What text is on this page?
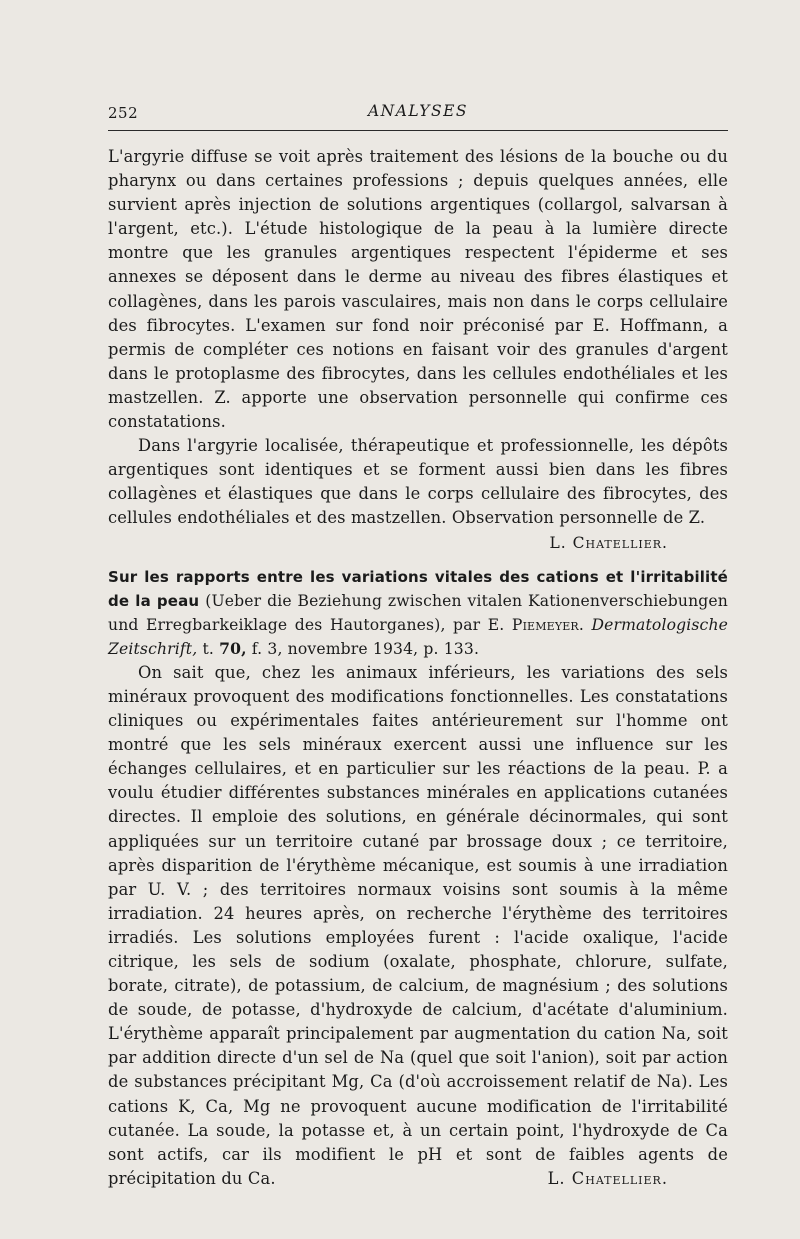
252	ANALYSES

L'argyrie diffuse se voit après traitement des lésions de la bouche ou du pharynx ou dans certaines professions ; depuis quelques années, elle survient après injection de solutions argentiques (collargol, salvarsan à l'argent, etc.). L'étude histologique de la peau à la lumière directe montre que les granules argentiques respectent l'épiderme et ses annexes se déposent dans le derme au niveau des fibres élastiques et collagènes, dans les parois vasculaires, mais non dans le corps cellulaire des fibrocytes. L'examen sur fond noir préconisé par E. Hoffmann, a permis de compléter ces notions en faisant voir des granules d'argent dans le protoplasme des fibrocytes, dans les cellules endothéliales et les mastzellen. Z. apporte une observation personnelle qui confirme ces constatations.

Dans l'argyrie localisée, thérapeutique et professionnelle, les dépôts argentiques sont identiques et se forment aussi bien dans les fibres collagènes et élastiques que dans le corps cellulaire des fibrocytes, des cellules endothéliales et des mastzellen. Observation personnelle de Z.

L. Chatellier.

Sur les rapports entre les variations vitales des cations et l'irritabilité de la peau (Ueber die Beziehung zwischen vitalen Kationenverschiebungen und Erregbarkeiklage des Hautorganes), par E. Piemeyer. Dermatologische Zeitschrift, t. 70, f. 3, novembre 1934, p. 133.

On sait que, chez les animaux inférieurs, les variations des sels minéraux provoquent des modifications fonctionnelles. Les constatations cliniques ou expérimentales faites antérieurement sur l'homme ont montré que les sels minéraux exercent aussi une influence sur les échanges cellulaires, et en particulier sur les réactions de la peau. P. a voulu étudier différentes substances minérales en applications cutanées directes. Il emploie des solutions, en générale décinormales, qui sont appliquées sur un territoire cutané par brossage doux ; ce territoire, après disparition de l'érythème mécanique, est soumis à une irradiation par U. V. ; des territoires normaux voisins sont soumis à la même irradiation. 24 heures après, on recherche l'érythème des territoires irradiés. Les solutions employées furent : l'acide oxalique, l'acide citrique, les sels de sodium (oxalate, phosphate, chlorure, sulfate, borate, citrate), de potassium, de calcium, de magnésium ; des solutions de soude, de potasse, d'hydroxyde de calcium, d'acétate d'aluminium. L'érythème apparaît principalement par augmentation du cation Na, soit par addition directe d'un sel de Na (quel que soit l'anion), soit par action de substances précipitant Mg, Ca (d'où accroissement relatif de Na). Les cations K, Ca, Mg ne provoquent aucune modification de l'irritabilité cutanée. La soude, la potasse et, à un certain point, l'hydroxyde de Ca sont actifs, car ils modifient le pH et sont de faibles agents de précipitation du Ca.	L. Chatellier.
